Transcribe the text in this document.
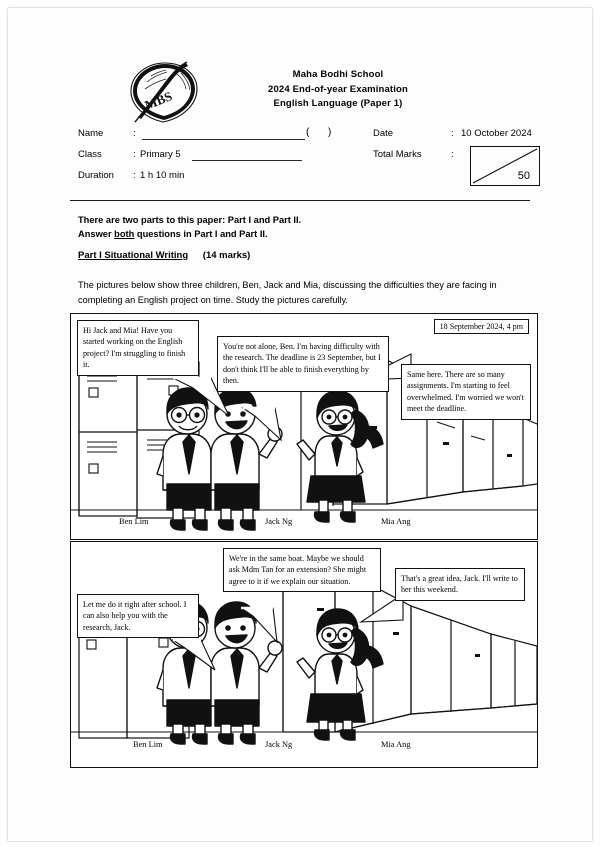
MBS
Maha Bodhi School
2024 End-of-year Examination
English Language (Paper 1)
Name	:	( )
Class	: Primary 5
Duration	: 1 h 10 min
Date	: 10 October 2024
Total Marks	:
50
There are two parts to this paper: Part I and Part II.
Answer both questions in Part I and Part II.
Part I Situational Writing (14 marks)
The pictures below show three children, Ben, Jack and Mia, discussing the difficulties they are facing in completing an English project on time. Study the pictures carefully.
18 September 2024, 4 pm
Hi Jack and Mia! Have you started working on the English project? I'm struggling to finish it.
You're not alone, Ben. I'm having difficulty with the research. The deadline is 23 September, but I don't think I'll be able to finish everything by then.
Same here. There are so many assignments. I'm starting to feel overwhelmed. I'm worried we won't meet the deadline.
Ben Lim	Jack Ng	Mia Ang
We're in the same boat. Maybe we should ask Mdm Tan for an extension? She might agree to it if we explain our situation.	That's a great idea, Jack. I'll write to her this weekend.
Let me do it right after school. I can also help you with the research, Jack.
Ben Lim	Jack Ng	Mia Ang
